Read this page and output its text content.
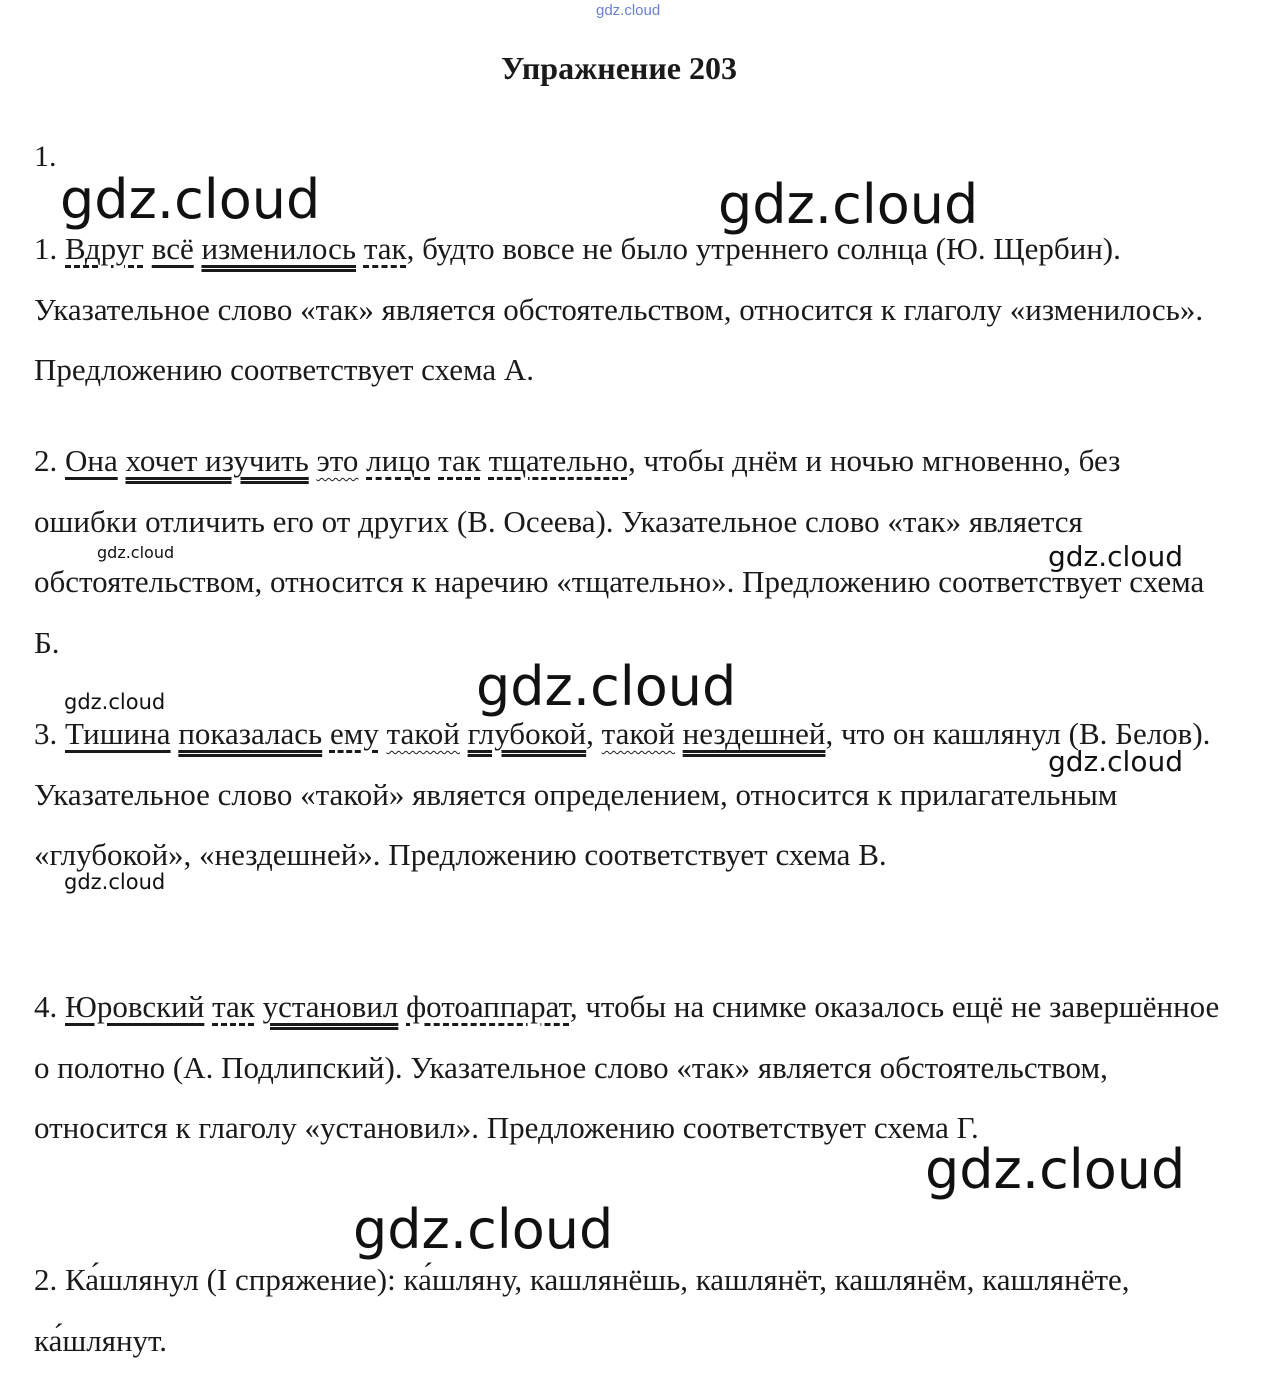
gdz.cloud
Упражнение 203
1.

1. Вдруг всё изменилось так, будто вовсе не было утреннего солнца (Ю. Щербин). Указательное слово «так» является обстоятельством, относится к глаголу «изменилось». Предложению соответствует схема А.

2. Она хочет изучить это лицо так тщательно, чтобы днём и ночью мгновенно, без ошибки отличить его от других (В. Осеева). Указательное слово «так» является обстоятельством, относится к наречию «тщательно». Предложению соответствует схема Б.

3. Тишина показалась ему такой глубокой, такой нездешней, что он кашлянул (В. Белов). Указательное слово «такой» является определением, относится к прилагательным «глубокой», «нездешней». Предложению соответствует схема В.

4. Юровский так установил фотоаппарат, чтобы на снимке оказалось ещё не завершённое о полотно (А. Подлипский). Указательное слово «так» является обстоятельством, относится к глаголу «установил». Предложению соответствует схема Г.

2. Ка́шлянул (I спряжение): ка́шляну, кашлянёшь, кашлянёт, кашлянём, кашлянёте, ка́шлянут.

gdz.cloud	gdz.cloud
gdz.cloud	gdz.cloud
gdz.cloud	gdz.cloud
gdz.cloud
gdz.cloud
gdz.cloud
gdz.cloud
